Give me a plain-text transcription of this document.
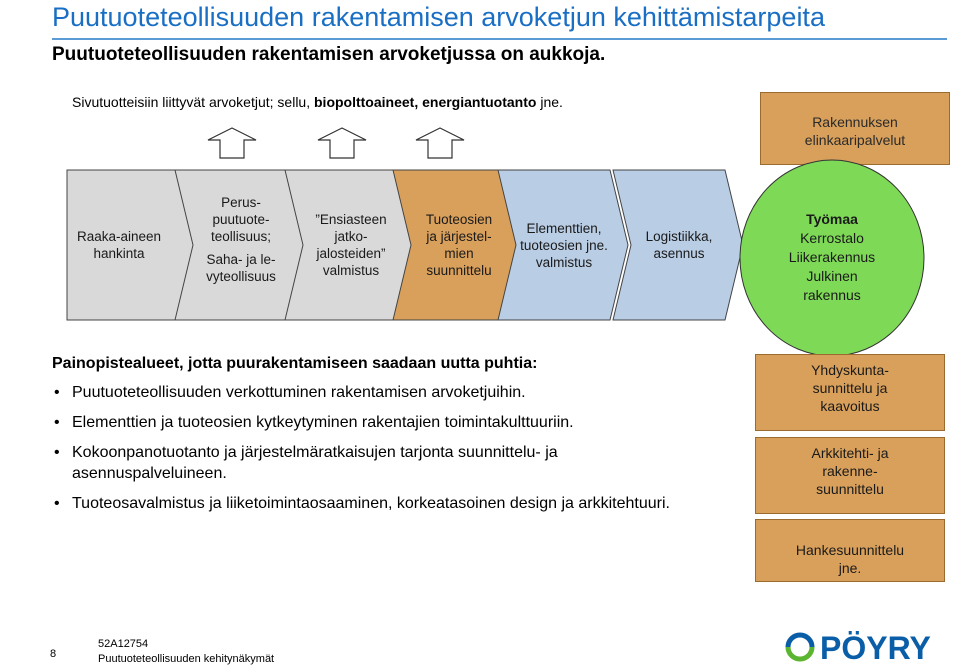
Puutuoteteollisuuden rakentamisen arvoketjun kehittämistarpeita
Puutuoteteollisuuden rakentamisen arvoketjussa on aukkoja.
Sivutuotteisiin liittyvät arvoketjut; sellu, biopolttoaineet, energiantuotanto jne.
Rakennuksen
elinkaaripalvelut
Raaka-aineen
hankinta
Perus-
puutuote-
teollisuus;

Saha- ja le-
vyteollisuus
”Ensiasteen
jatko-
jalosteiden”
valmistus
Tuoteosien
ja järjestel-
mien
suunnittelu
Elementtien,
tuoteosien jne.
valmistus
Logistiikka,
asennus
Työmaa
Kerrostalo
Liikerakennus
Julkinen
rakennus
Painopistealueet, jotta puurakentamiseen saadaan uutta puhtia:
• Puutuoteteollisuuden verkottuminen rakentamisen arvoketjuihin.
• Elementtien ja tuoteosien kytkeytyminen rakentajien toimintakulttuuriin.
• Kokoonpanotuotanto ja järjestelmäratkaisujen tarjonta suunnittelu- ja asennuspalveluineen.
• Tuoteosavalmistus ja liiketoimintaosaaminen, korkeatasoinen design ja arkkitehtuuri.
Yhdyskunta-
sunnittelu ja
kaavoitus
Arkkitehti- ja
rakenne-
suunnittelu
Hankesuunnittelu
jne.
8
52A12754
Puutuoteteollisuuden kehitynäkymät	PÖYRY
